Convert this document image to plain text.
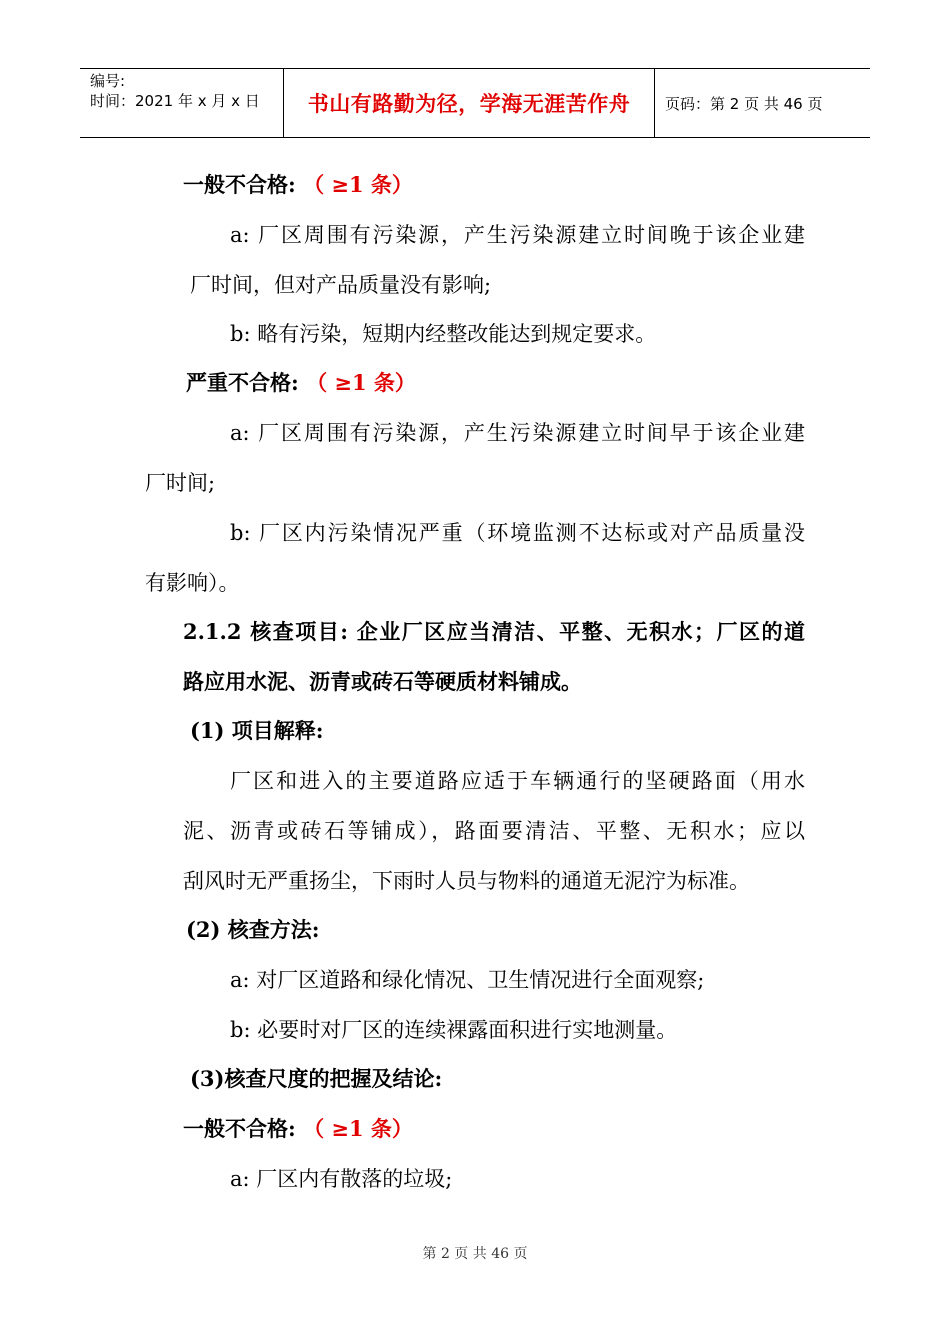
编号:
时间：2021 年 x 月 x 日	书山有路勤为径，学海无涯苦作舟	页码：第 2 页 共 46 页
一般不合格: （ ≥1 条）
a: 厂区周围有污染源，产生污染源建立时间晚于该企业建
厂时间，但对产品质量没有影响;
b: 略有污染，短期内经整改能达到规定要求。
严重不合格: （ ≥1 条）
a: 厂区周围有污染源，产生污染源建立时间早于该企业建
厂时间;
b: 厂区内污染情况严重（环境监测不达标或对产品质量没
有影响）。
2.1.2 核查项目: 企业厂区应当清洁、平整、无积水；厂区的道
路应用水泥、沥青或砖石等硬质材料铺成。
(1) 项目解释:
厂区和进入的主要道路应适于车辆通行的坚硬路面（用水
泥、沥青或砖石等铺成），路面要清洁、平整、无积水；应以
刮风时无严重扬尘，下雨时人员与物料的通道无泥泞为标准。
(2) 核查方法:
a: 对厂区道路和绿化情况、卫生情况进行全面观察;
b: 必要时对厂区的连续裸露面积进行实地测量。
(3)核查尺度的把握及结论:
一般不合格: （ ≥1 条）
a: 厂区内有散落的垃圾;
第 2 页 共 46 页
